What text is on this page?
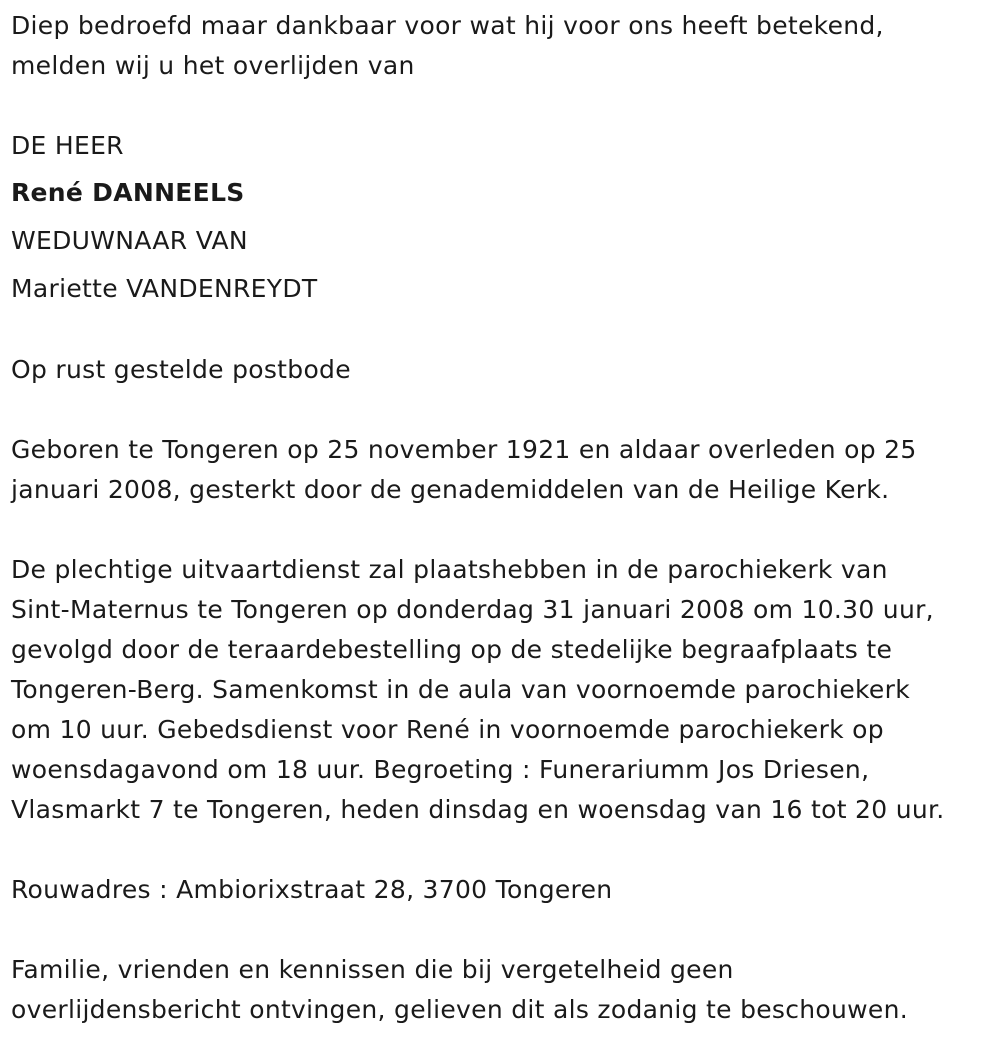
Diep bedroefd maar dankbaar voor wat hij voor ons heeft betekend,
melden wij u het overlijden van
DE HEER
René DANNEELS
WEDUWNAAR VAN
Mariette VANDENREYDT
Op rust gestelde postbode
Geboren te Tongeren op 25 november 1921 en aldaar overleden op 25
januari 2008, gesterkt door de genademiddelen van de Heilige Kerk.
De plechtige uitvaartdienst zal plaatshebben in de parochiekerk van
Sint-Maternus te Tongeren op donderdag 31 januari 2008 om 10.30 uur,
gevolgd door de teraardebestelling op de stedelijke begraafplaats te
Tongeren-Berg. Samenkomst in de aula van voornoemde parochiekerk
om 10 uur. Gebedsdienst voor René in voornoemde parochiekerk op
woensdagavond om 18 uur. Begroeting : Funerariumm Jos Driesen,
Vlasmarkt 7 te Tongeren, heden dinsdag en woensdag van 16 tot 20 uur.
Rouwadres : Ambiorixstraat 28, 3700 Tongeren
Familie, vrienden en kennissen die bij vergetelheid geen
overlijdensbericht ontvingen, gelieven dit als zodanig te beschouwen.
